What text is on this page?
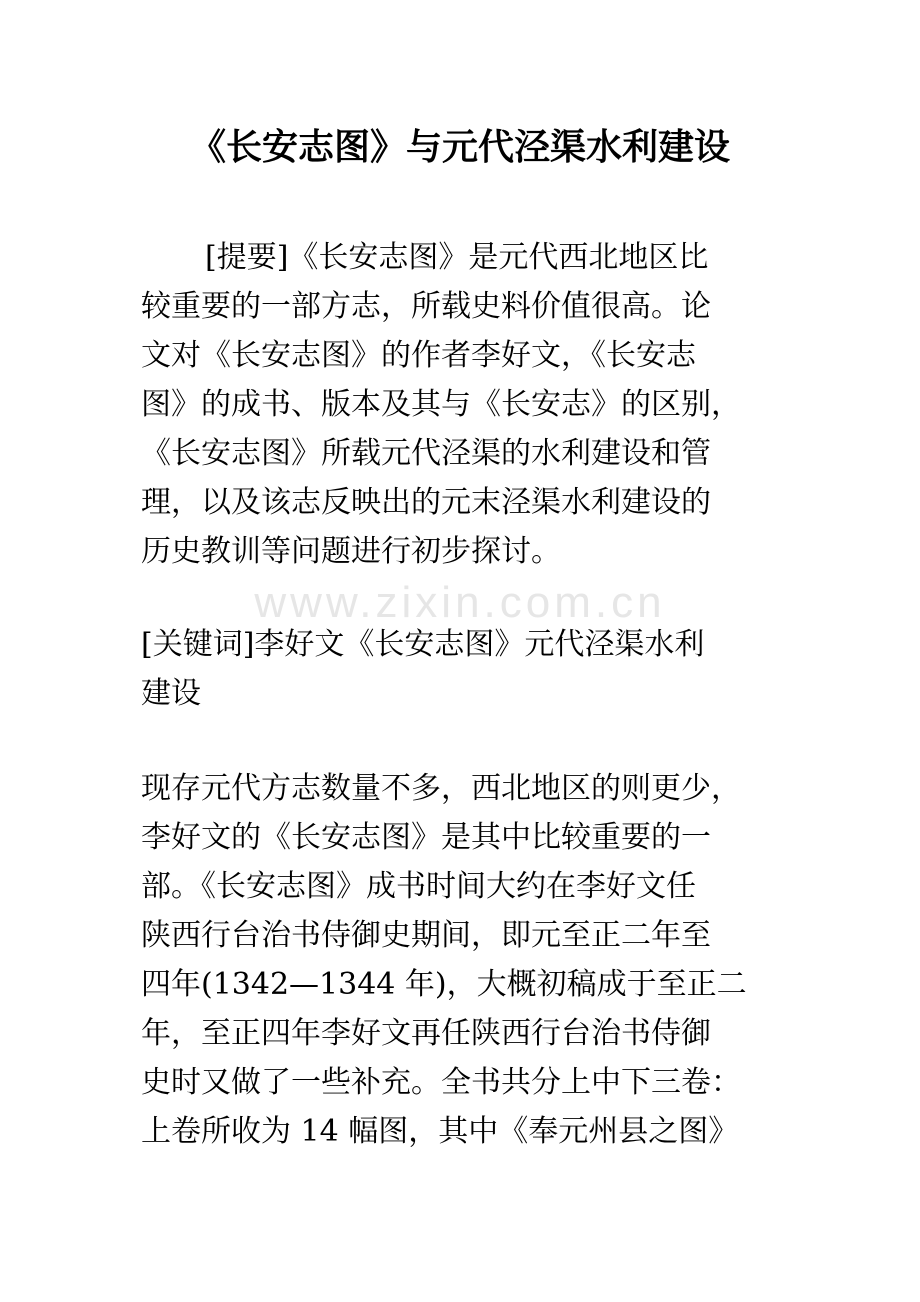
www.zixin.com.cn
《长安志图》与元代泾渠水利建设
[提要]《长安志图》是元代西北地区比
较重要的一部方志，所载史料价值很高。论
文对《长安志图》的作者李好文，《长安志
图》的成书、版本及其与《长安志》的区别，
《长安志图》所载元代泾渠的水利建设和管
理，以及该志反映出的元末泾渠水利建设的
历史教训等问题进行初步探讨。
[关键词]李好文《长安志图》元代泾渠水利
建设
现存元代方志数量不多，西北地区的则更少，
李好文的《长安志图》是其中比较重要的一
部。《长安志图》成书时间大约在李好文任
陕西行台治书侍御史期间，即元至正二年至
四年(1342—1344 年)，大概初稿成于至正二
年，至正四年李好文再任陕西行台治书侍御
史时又做了一些补充。全书共分上中下三卷：
上卷所收为 14 幅图，其中《奉元州县之图》
